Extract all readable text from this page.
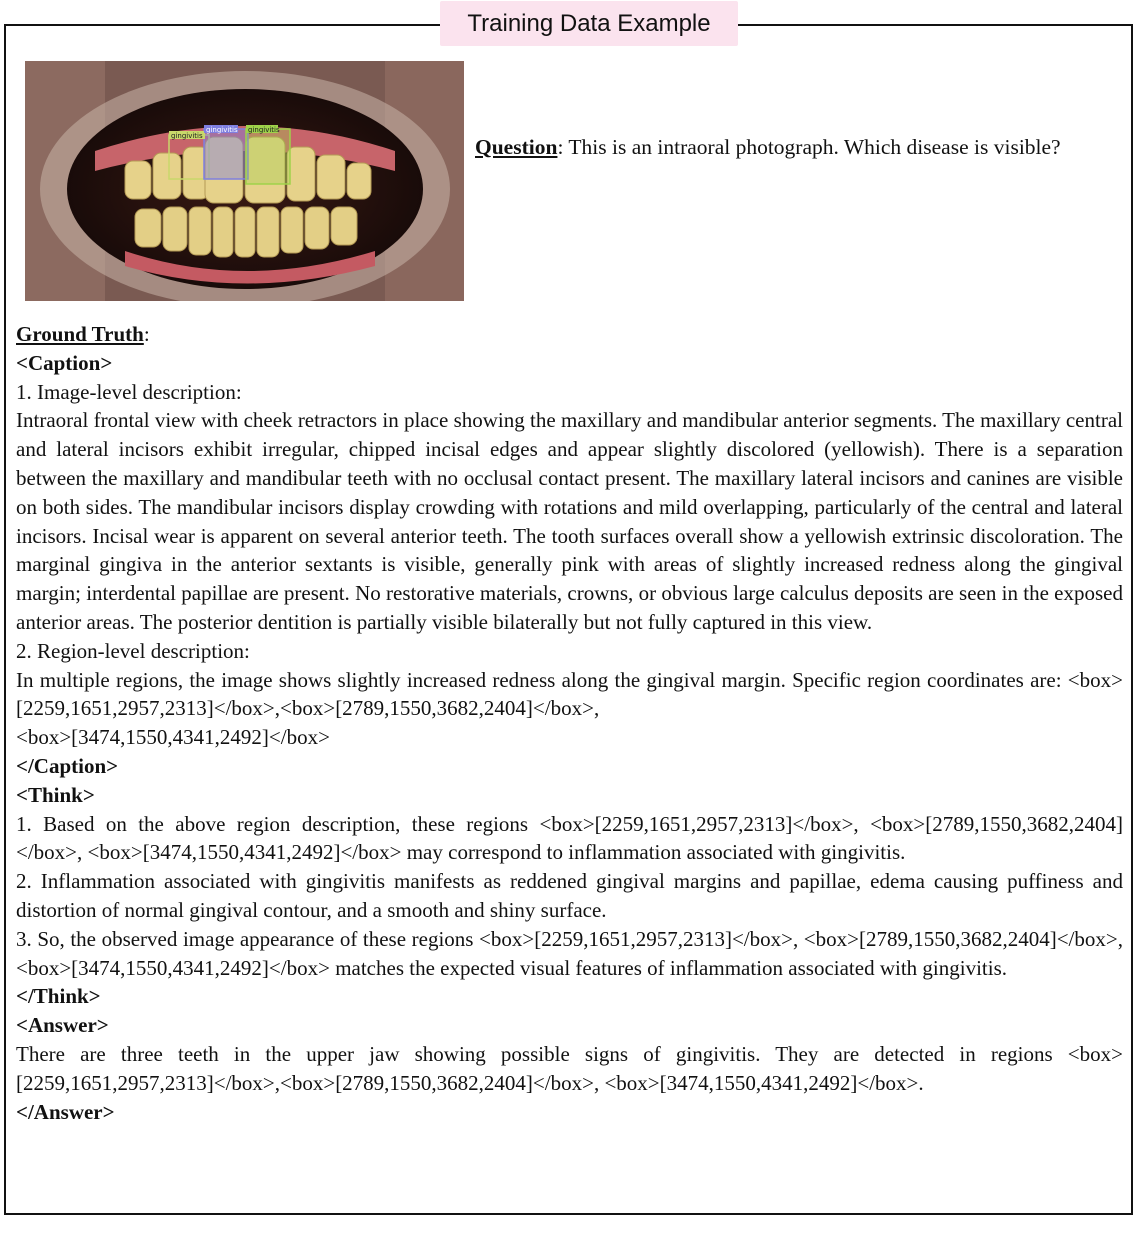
Training Data Example
gingivitis
gingivitis gingivitis
Question: This is an intraoral photograph. Which disease is visible?

Ground Truth:

<Caption>

1. Image-level description:

Intraoral frontal view with cheek retractors in place showing the maxillary and mandibular anterior segments. The maxillary central and lateral incisors exhibit irregular, chipped incisal edges and appear slightly discolored (yellowish). There is a separation between the maxillary and mandibular teeth with no occlusal contact present. The maxillary lateral incisors and canines are visible on both sides. The mandibular incisors display crowding with rotations and mild overlapping, particularly of the central and lateral incisors. Incisal wear is apparent on several anterior teeth. The tooth surfaces overall show a yellowish extrinsic discoloration. The marginal gingiva in the anterior sextants is visible, generally pink with areas of slightly increased redness along the gingival margin; interdental papillae are present. No restorative materials, crowns, or obvious large calculus deposits are seen in the exposed anterior areas. The posterior dentition is partially visible bilaterally but not fully captured in this view.

2. Region-level description:

In multiple regions, the image shows slightly increased redness along the gingival margin. Specific region coordinates are: <box>[2259,1651,2957,2313]</box>,<box>[2789,1550,3682,2404]</box>,

<box>[3474,1550,4341,2492]</box>

</Caption>

<Think>

1. Based on the above region description, these regions <box>[2259,1651,2957,2313]</box>, <box>[2789,1550,3682,2404]</box>, <box>[3474,1550,4341,2492]</box> may correspond to inflammation associated with gingivitis.

2. Inflammation associated with gingivitis manifests as reddened gingival margins and papillae, edema causing puffiness and distortion of normal gingival contour, and a smooth and shiny surface.

3. So, the observed image appearance of these regions <box>[2259,1651,2957,2313]</box>, <box>[2789,1550,3682,2404]</box>, <box>[3474,1550,4341,2492]</box> matches the expected visual features of inflammation associated with gingivitis.

</Think>

<Answer>

There are three teeth in the upper jaw showing possible signs of gingivitis. They are detected in regions <box>[2259,1651,2957,2313]</box>,<box>[2789,1550,3682,2404]</box>, <box>[3474,1550,4341,2492]</box>.

</Answer>
